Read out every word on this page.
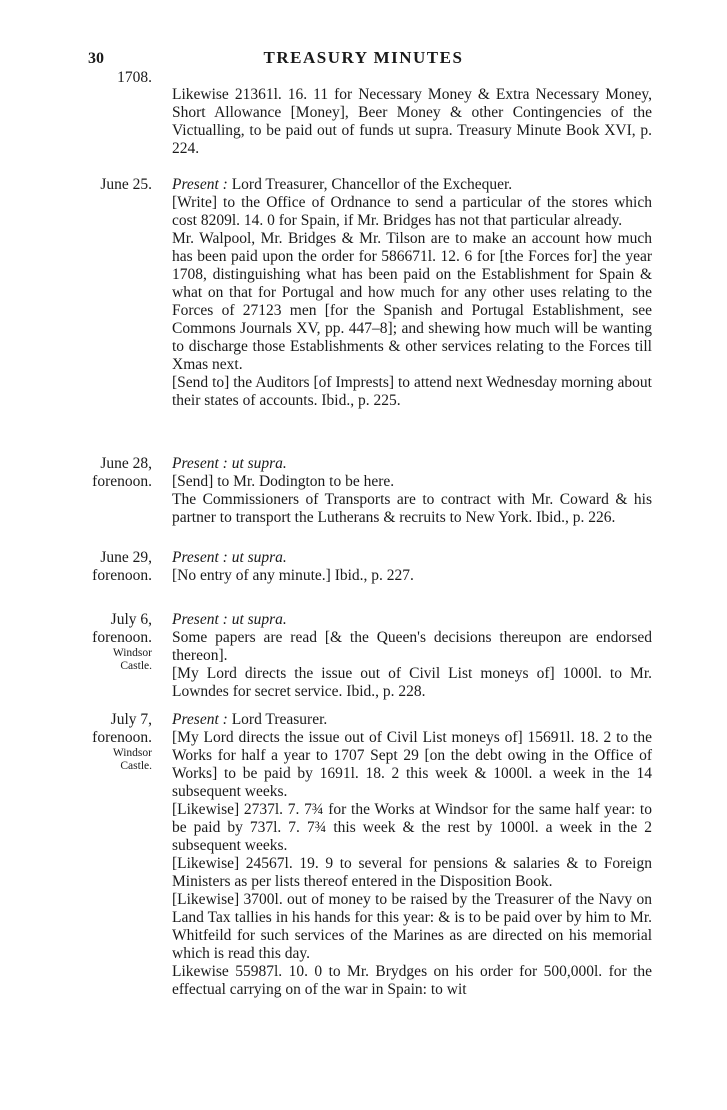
30	TREASURY MINUTES
1708.

Likewise 21361l. 16. 11 for Necessary Money & Extra Necessary Money, Short Allowance [Money], Beer Money & other Contingencies of the Victualling, to be paid out of funds ut supra. Treasury Minute Book XVI, p. 224.

June 25. Present : Lord Treasurer, Chancellor of the Exchequer.

[Write] to the Office of Ordnance to send a particular of the stores which cost 8209l. 14. 0 for Spain, if Mr. Bridges has not that particular already.

Mr. Walpool, Mr. Bridges & Mr. Tilson are to make an account how much has been paid upon the order for 586671l. 12. 6 for [the Forces for] the year 1708, distinguishing what has been paid on the Establishment for Spain & what on that for Portugal and how much for any other uses relating to the Forces of 27123 men [for the Spanish and Portugal Establishment, see Commons Journals XV, pp. 447–8]; and shewing how much will be wanting to discharge those Establishments & other services relating to the Forces till Xmas next.

[Send to] the Auditors [of Imprests] to attend next Wednesday morning about their states of accounts. Ibid., p. 225.

June 28,
forenoon.

Present : ut supra.

[Send] to Mr. Dodington to be here.

The Commissioners of Transports are to contract with Mr. Coward & his partner to transport the Lutherans & recruits to New York. Ibid., p. 226.

June 29,
forenoon.

Present : ut supra.

[No entry of any minute.] Ibid., p. 227.

July 6,
forenoon.
Windsor Castle.

Present : ut supra.

Some papers are read [& the Queen's decisions thereupon are endorsed thereon].

[My Lord directs the issue out of Civil List moneys of] 1000l. to Mr. Lowndes for secret service. Ibid., p. 228.

July 7,
forenoon.
Windsor Castle.

Present : Lord Treasurer.

[My Lord directs the issue out of Civil List moneys of] 15691l. 18. 2 to the Works for half a year to 1707 Sept 29 [on the debt owing in the Office of Works] to be paid by 1691l. 18. 2 this week & 1000l. a week in the 14 subsequent weeks.

[Likewise] 2737l. 7. 7¾ for the Works at Windsor for the same half year: to be paid by 737l. 7. 7¾ this week & the rest by 1000l. a week in the 2 subsequent weeks.

[Likewise] 24567l. 19. 9 to several for pensions & salaries & to Foreign Ministers as per lists thereof entered in the Disposition Book.

[Likewise] 3700l. out of money to be raised by the Treasurer of the Navy on Land Tax tallies in his hands for this year: & is to be paid over by him to Mr. Whitfeild for such services of the Marines as are directed on his memorial which is read this day.

Likewise 55987l. 10. 0 to Mr. Brydges on his order for 500,000l. for the effectual carrying on of the war in Spain: to wit
